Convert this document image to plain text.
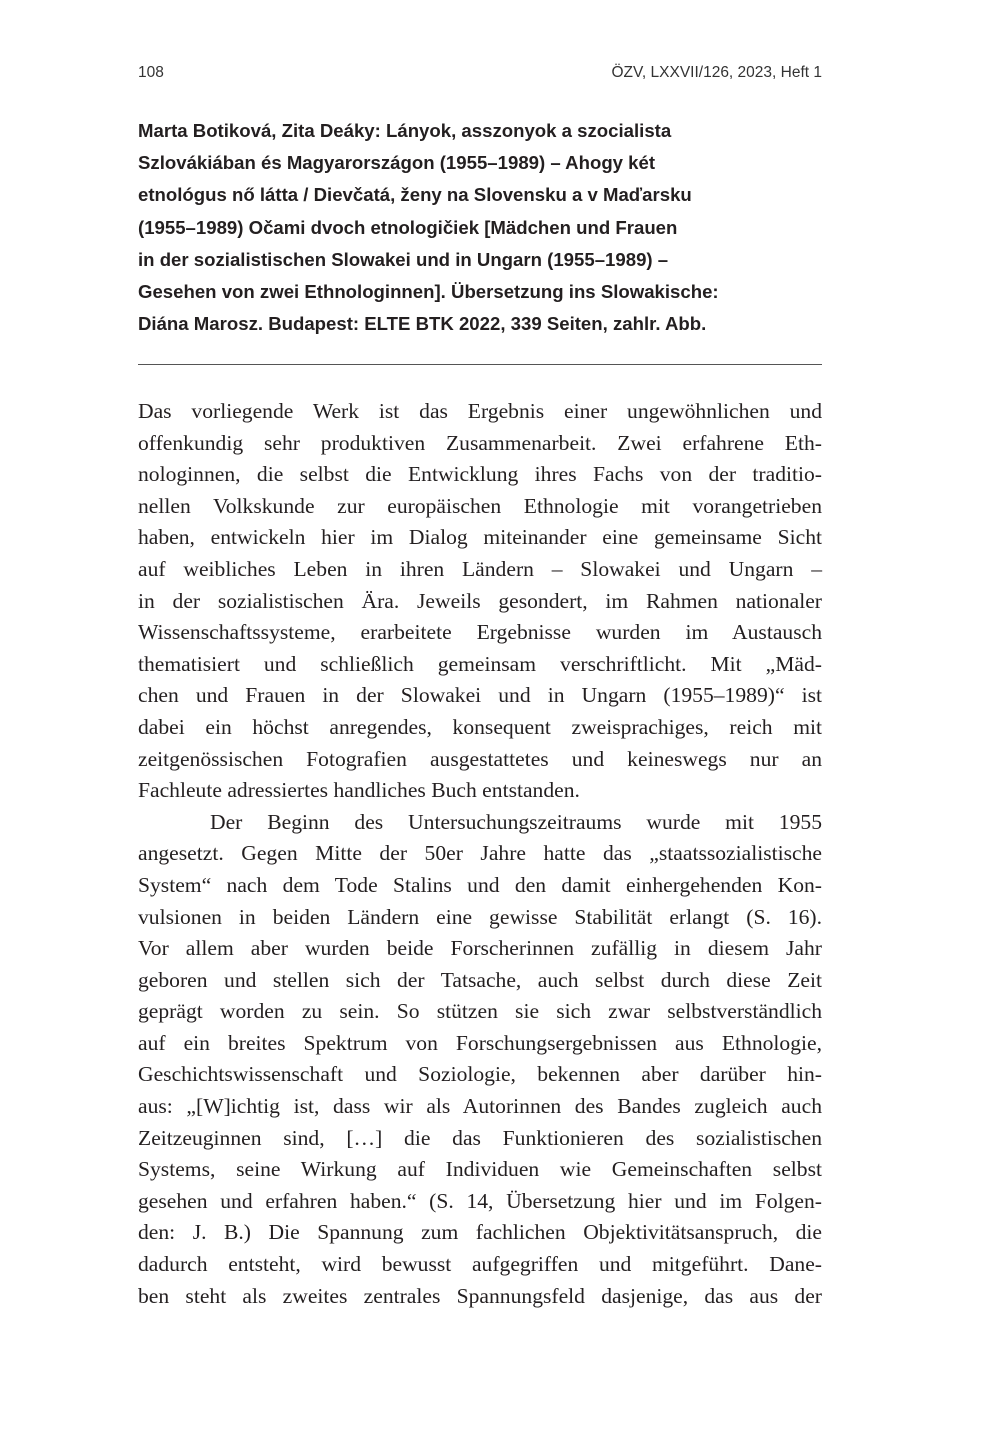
108	ÖZV, LXXVII/126, 2023, Heft 1
Marta Botiková, Zita Deáky: Lányok, asszonyok a szocialista
Szlovákiában és Magyarországon (1955–1989) – Ahogy két
etnológus nő látta / Dievčatá, ženy na Slovensku a v Maďarsku
(1955–1989) Očami dvoch etnologičiek [Mädchen und Frauen
in der sozialistischen Slowakei und in Ungarn (1955–1989) –
Gesehen von zwei Ethnologinnen]. Übersetzung ins Slowakische:
Diána Marosz. Budapest: ELTE BTK 2022, 339 Seiten, zahlr. Abb.
Das vorliegende Werk ist das Ergebnis einer ungewöhnlichen und
offenkundig sehr produktiven Zusammenarbeit. Zwei erfahrene Eth-
nologinnen, die selbst die Entwicklung ihres Fachs von der traditio-
nellen Volkskunde zur europäischen Ethnologie mit vorangetrieben
haben, entwickeln hier im Dialog miteinander eine gemeinsame Sicht
auf weibliches Leben in ihren Ländern – Slowakei und Ungarn –
in der sozialistischen Ära. Jeweils gesondert, im Rahmen nationaler
Wissenschaftssysteme, erarbeitete Ergebnisse wurden im Austausch
thematisiert und schließlich gemeinsam verschriftlicht. Mit „Mäd-
chen und Frauen in der Slowakei und in Ungarn (1955–1989)“ ist
dabei ein höchst anregendes, konsequent zweisprachiges, reich mit
zeitgenössischen Fotografien ausgestattetes und keineswegs nur an
Fachleute adressiertes handliches Buch entstanden.
Der Beginn des Untersuchungszeitraums wurde mit 1955
angesetzt. Gegen Mitte der 50er Jahre hatte das „staatssozialistische
System“ nach dem Tode Stalins und den damit einhergehenden Kon-
vulsionen in beiden Ländern eine gewisse Stabilität erlangt (S. 16).
Vor allem aber wurden beide Forscherinnen zufällig in diesem Jahr
geboren und stellen sich der Tatsache, auch selbst durch diese Zeit
geprägt worden zu sein. So stützen sie sich zwar selbstverständlich
auf ein breites Spektrum von Forschungsergebnissen aus Ethnologie,
Geschichtswissenschaft und Soziologie, bekennen aber darüber hin-
aus: „[W]ichtig ist, dass wir als Autorinnen des Bandes zugleich auch
Zeitzeuginnen sind, […] die das Funktionieren des sozialistischen
Systems, seine Wirkung auf Individuen wie Gemeinschaften selbst
gesehen und erfahren haben.“ (S. 14, Übersetzung hier und im Folgen-
den: J. B.) Die Spannung zum fachlichen Objektivitätsanspruch, die
dadurch entsteht, wird bewusst aufgegriffen und mitgeführt. Dane-
ben steht als zweites zentrales Spannungsfeld dasjenige, das aus der
